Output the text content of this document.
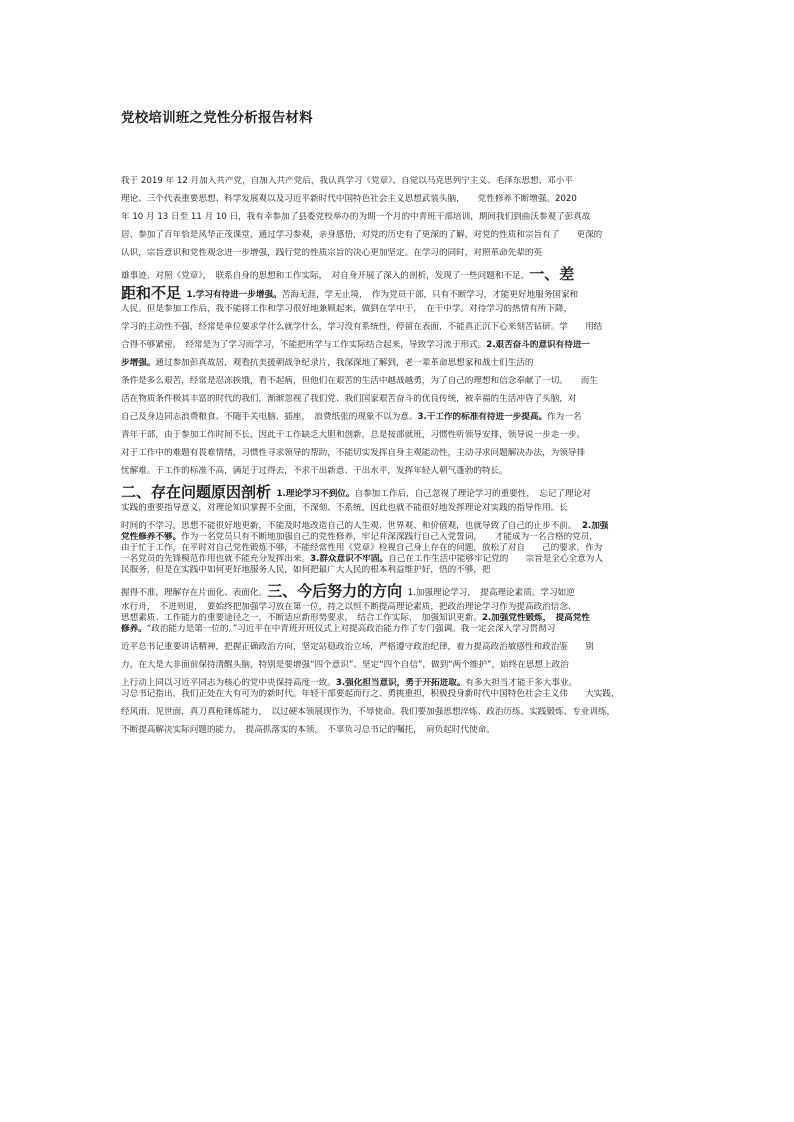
党校培训班之党性分析报告材料

我于 2019 年 12 月加入共产党，自加入共产党后，我认真学习《党章》、自觉以马克思列宁主义、毛泽东思想、邓小平

理论、三个代表重要思想、科学发展观以及习近平新时代中国特色社会主义思想武装头脑，　　党性修养不断增强。2020

年 10 月 13 日至 11 月 10 日，我有幸参加了县委党校举办的为期一个月的中青班干部培训，期间我们到曲沃参观了彭真故

居、参加了百年恰是风华正茂课堂，通过学习参观，亲身感悟，对党的历史有了更深的了解，对党的性质和宗旨有了　　更深的

认识，宗旨意识和党性观念进一步增强，践行党的性质宗旨的决心更加坚定。在学习的同时，对照革命先辈的英

雄事迹、对照《党章》，　联系自身的思想和工作实际，　对自身开展了深入的剖析，发现了一些问题和不足。一、差

距和不足 1.学习有待进一步增强。苦海无涯，学无止境，　作为党员干部，只有不断学习，才能更好地服务国家和

人民。但是参加工作后，我不能将工作和学习很好地兼顾起来，做到在学中干，　在干中学。对待学习的热情有所下降，

学习的主动性不强，经常是单位要求学什么就学什么，学习没有系统性，停留在表面，不能真正沉下心来刻苦钻研。学　　用结

合得不够紧密，　经常是为了学习而学习，不能把所学与工作实际结合起来，导致学习流于形式。2.艰苦奋斗的意识有待进一

步增强。通过参加彭真故居，观看抗美援朝战争纪录片，我深深地了解到，老一辈革命思想家和战士们生活的

条件是多么艰苦，经常是忍冻挨饿，看不起病，但他们在艰苦的生活中越战越勇，为了自己的理想和信念奉献了一切。　　而生

活在物质条件极其丰富的时代的我们，渐渐忽视了我们党、我们国家艰苦奋斗的优良传统，被幸福的生活冲昏了头脑，对

自己及身边同志浪费粮食、不随手关电脑、插座，　浪费纸张的现象不以为意。3.干工作的标准有待进一步提高。作为一名

青年干部，由于参加工作时间不长，因此干工作缺乏大胆和创新，总是按部就班，习惯性听领导安排，领导说一步走一步。

对于工作中的难题有畏难情绪，习惯性寻求领导的帮助，不能切实发挥自身主观能动性，主动寻求问题解决办法，为领导排

忧解难。干工作的标准不高，满足于过得去，不求干出新意、干出水平，发挥年轻人朝气蓬勃的特长。

二、存在问题原因剖析 1.理论学习不到位。自参加工作后，自己忽视了理论学习的重要性，　忘记了理论对

实践的重要指导意义，对理论知识掌握不全面，不深刻、不系统，因此也就不能很好地发挥理论对实践的指导作用。长

时间的不学习，思想不能很好地更新，不能及时地改造自己的人生观、世界观、和价值观，也就导致了自己的止步不前。 2.加强

党性修养不够。作为一名党员只有不断地加强自己的党性修养，牢记并深深践行自己入党誓词，　　才能成为一名合格的党员，

由于忙于工作，在平时对自己党性锻炼不够，不能经常性用《党章》检视自己身上存在的问题，放松了对自　　己的要求，作为

一名党员的先锋模范作用也就不能充分发挥出来。3.群众意识不牢固。自己在工作生活中能够牢记党的　　宗旨是全心全意为人

民服务，但是在实践中如何更好地服务人民，如何把最广大人民的根本利益维护好，悟的不够，把

握得不准，理解存在片面化、表面化。三、今后努力的方向 1.加强理论学习，　提高理论素质。学习如逆

水行舟，　不进则退，　要始终把加强学习放在第一位，持之以恒不断提高理论素质，把政治理论学习作为提高政治信念、

思想素质、工作能力的重要途径之一，不断适应新形势要求，　结合工作实际，　加强知识更新。2.加强党性锻炼，　提高党性

修养。“政治能力是第一位的。”习近平在中青班开班仪式上对提高政治能力作了专门强调。我一定会深入学习贯彻习

近平总书记重要讲话精神，把握正确政治方向，坚定站稳政治立场，严格遵守政治纪律，着力提高政治敏感性和政治鉴　　别

力，在大是大非面前保持清醒头脑，特别是要增强“四个意识”、坚定“四个自信”，做到“两个维护”，始终在思想上政治

上行动上同以习近平同志为核心的党中央保持高度一致。3.强化担当意识，勇于开拓进取。有多大担当才能干多大事业。

习总书记指出，我们正处在大有可为的新时代。年轻干部要起而行之、勇挑重担，积极投身新时代中国特色社会主义伟　　大实践，

经风雨、见世面，真刀真枪锤炼能力，　以过硬本领展现作为，不辱使命。我们要加强思想淬炼、政治历练、实践锻炼、专业训练，

不断提高解决实际问题的能力，　提高抓落实的本领，　不辜负习总书记的嘱托，　肩负起时代使命。
